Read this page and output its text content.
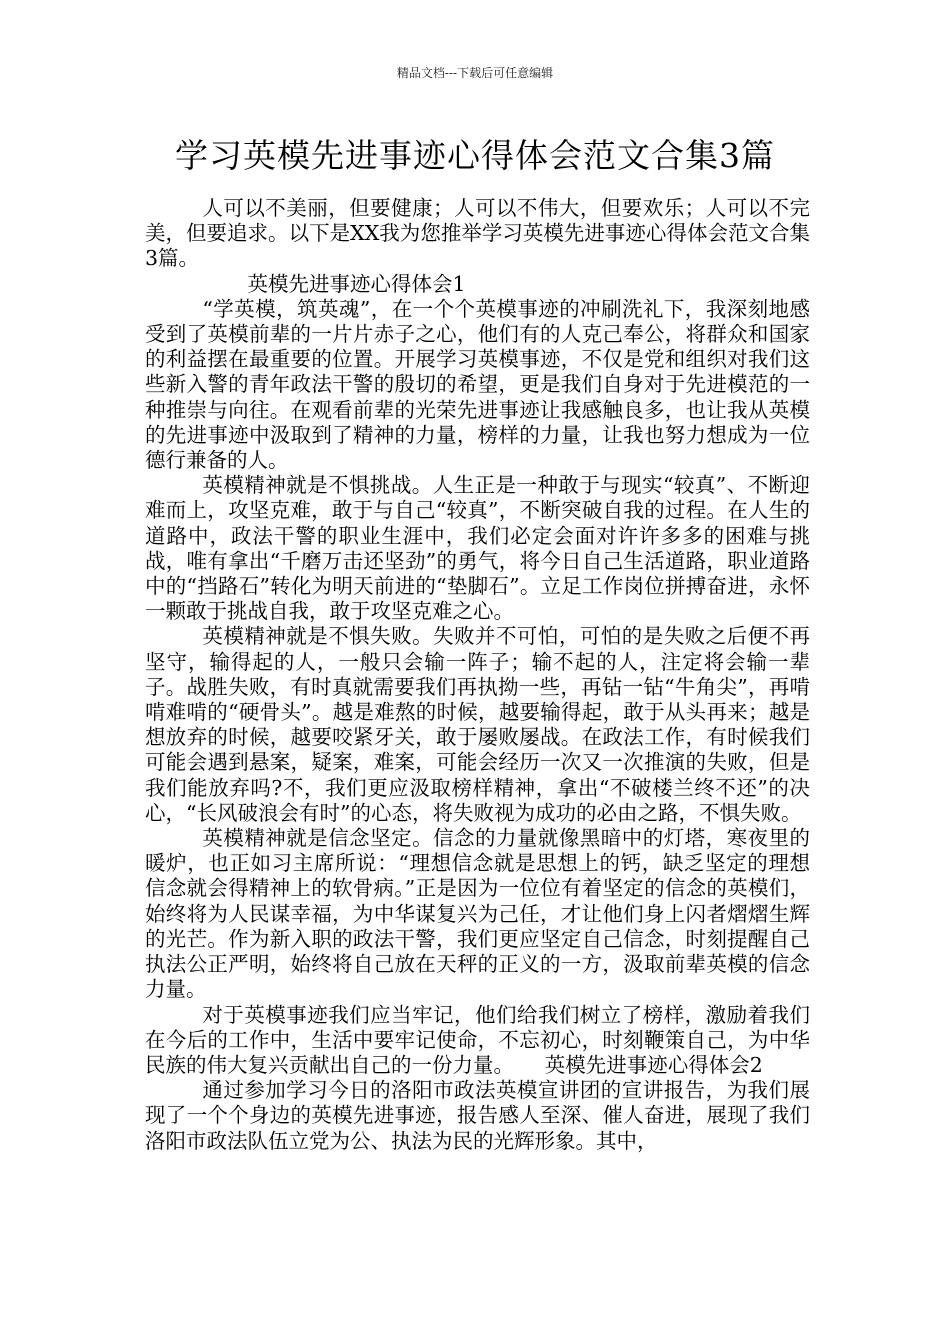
精品文档---下载后可任意编辑
学习英模先进事迹心得体会范文合集3篇

人可以不美丽，但要健康；人可以不伟大，但要欢乐；人可以不完美，但要追求。以下是XX我为您推举学习英模先进事迹心得体会范文合集3篇。

英模先进事迹心得体会1

“学英模，筑英魂”，在一个个英模事迹的冲刷洗礼下，我深刻地感受到了英模前辈的一片片赤子之心，他们有的人克己奉公，将群众和国家的利益摆在最重要的位置。开展学习英模事迹，不仅是党和组织对我们这些新入警的青年政法干警的殷切的希望，更是我们自身对于先进模范的一种推崇与向往。在观看前辈的光荣先进事迹让我感触良多，也让我从英模的先进事迹中汲取到了精神的力量，榜样的力量，让我也努力想成为一位德行兼备的人。

英模精神就是不惧挑战。人生正是一种敢于与现实“较真”、不断迎难而上，攻坚克难，敢于与自己“较真”，不断突破自我的过程。在人生的道路中，政法干警的职业生涯中，我们必定会面对许许多多的困难与挑战，唯有拿出“千磨万击还坚劲”的勇气，将今日自己生活道路，职业道路中的“挡路石”转化为明天前进的“垫脚石”。立足工作岗位拼搏奋进，永怀一颗敢于挑战自我，敢于攻坚克难之心。

英模精神就是不惧失败。失败并不可怕，可怕的是失败之后便不再坚守，输得起的人，一般只会输一阵子；输不起的人，注定将会输一辈子。战胜失败，有时真就需要我们再执拗一些，再钻一钻“牛角尖”，再啃啃难啃的“硬骨头”。越是难熬的时候，越要输得起，敢于从头再来；越是想放弃的时候，越要咬紧牙关，敢于屡败屡战。在政法工作，有时候我们可能会遇到悬案，疑案，难案，可能会经历一次又一次推演的失败，但是我们能放弃吗?不，我们更应汲取榜样精神，拿出“不破楼兰终不还”的决心，“长风破浪会有时”的心态，将失败视为成功的必由之路，不惧失败。

英模精神就是信念坚定。信念的力量就像黑暗中的灯塔，寒夜里的暖炉，也正如习主席所说：“理想信念就是思想上的钙，缺乏坚定的理想信念就会得精神上的软骨病。”正是因为一位位有着坚定的信念的英模们，始终将为人民谋幸福，为中华谋复兴为己任，才让他们身上闪者熠熠生辉的光芒。作为新入职的政法干警，我们更应坚定自己信念，时刻提醒自己执法公正严明，始终将自己放在天秤的正义的一方，汲取前辈英模的信念力量。

对于英模事迹我们应当牢记，他们给我们树立了榜样，激励着我们在今后的工作中，生活中要牢记使命，不忘初心，时刻鞭策自己，为中华民族的伟大复兴贡献出自己的一份力量。　　英模先进事迹心得体会2

通过参加学习今日的洛阳市政法英模宣讲团的宣讲报告，为我们展现了一个个身边的英模先进事迹，报告感人至深、催人奋进，展现了我们洛阳市政法队伍立党为公、执法为民的光辉形象。其中，
